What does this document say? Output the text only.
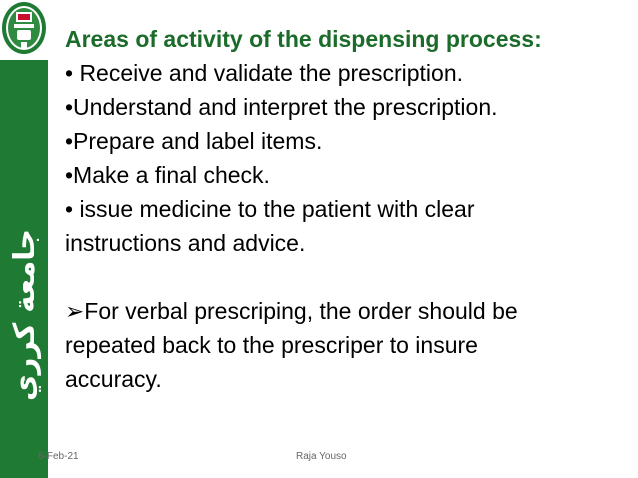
جامعة كرري

Areas of activity of the dispensing process:

• Receive and validate the prescription.

•Understand and interpret the prescription.

•Prepare and label items.

•Make a final check.

• issue medicine to the patient with clear

instructions and advice.

➢For verbal prescriping, the order should be

repeated back to the prescriper to insure

accuracy.

6-Feb-21	Raja Youso
